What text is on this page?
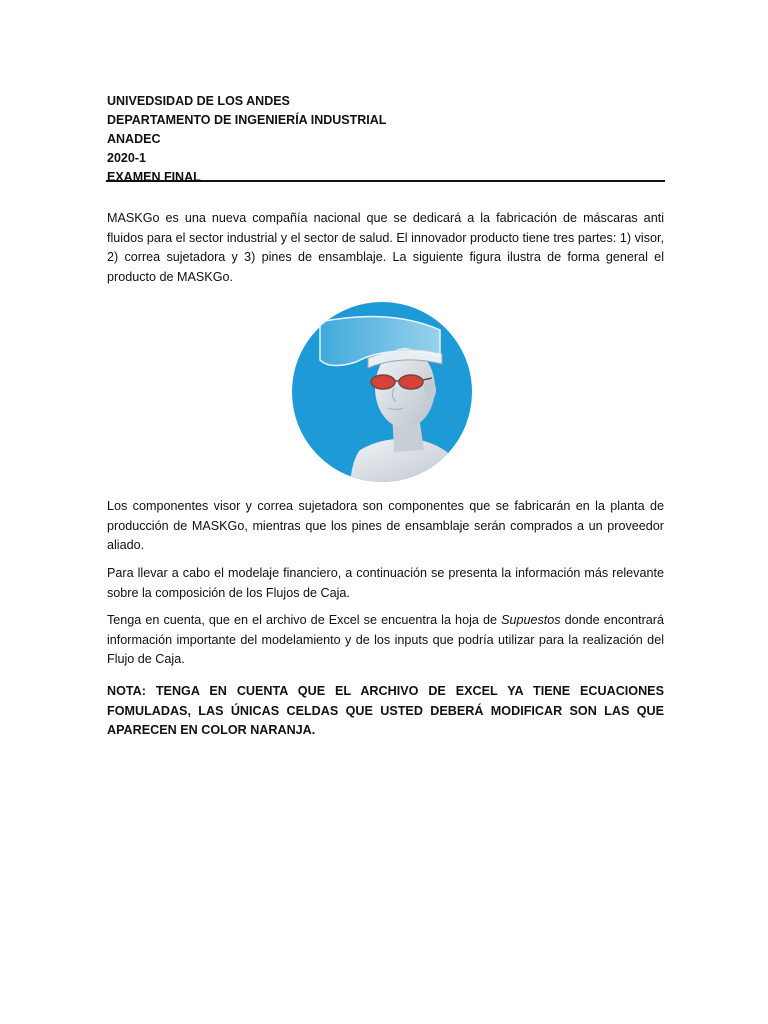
UNIVEDSIDAD DE LOS ANDES
DEPARTAMENTO DE INGENIERÍA INDUSTRIAL
ANADEC
2020-1
EXAMEN FINAL

MASKGo es una nueva compañía nacional que se dedicará a la fabricación de máscaras anti fluidos para el sector industrial y el sector de salud. El innovador producto tiene tres partes: 1) visor, 2) correa sujetadora y 3) pines de ensamblaje. La siguiente figura ilustra de forma general el producto de MASKGo.

Los componentes visor y correa sujetadora son componentes que se fabricarán en la planta de producción de MASKGo, mientras que los pines de ensamblaje serán comprados a un proveedor aliado.

Para llevar a cabo el modelaje financiero, a continuación se presenta la información más relevante sobre la composición de los Flujos de Caja.

Tenga en cuenta, que en el archivo de Excel se encuentra la hoja de Supuestos donde encontrará información importante del modelamiento y de los inputs que podría utilizar para la realización del Flujo de Caja.

NOTA: TENGA EN CUENTA QUE EL ARCHIVO DE EXCEL YA TIENE ECUACIONES FOMULADAS, LAS ÚNICAS CELDAS QUE USTED DEBERÁ MODIFICAR SON LAS QUE APARECEN EN COLOR NARANJA.
